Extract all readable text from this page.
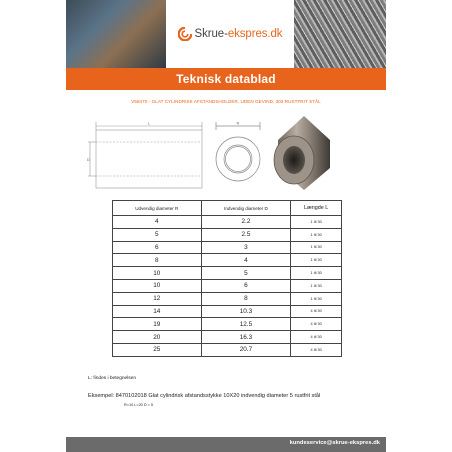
Skrue-ekspres.dk
Teknisk datablad
V58470 - GLAT CYLINDRISK AFSTANDSHOLDER, UDEN GEVIND, 303 RUSTFRIT STÅL
L
D
R
Udvendig diameter R	Indvendig diameter D	Længde L
4	2.2	1 til 30
5	2.5	1 til 30
6	3	1 til 30
8	4	1 til 30
10	5	1 til 30
10	6	1 til 30
12	8	1 til 30
14	10.3	4 til 30
19	12.5	4 til 30
20	16.3	4 til 30
25	20.7	4 til 30
L: findes i betegnelsen
Eksempel: 8470102018 Glat cylindrisk afstandsstykke 10X20 indvendig diameter 5 rustfrit stål
R=10 L=20 D = 5
kundeservice@skrue-ekspres.dk
